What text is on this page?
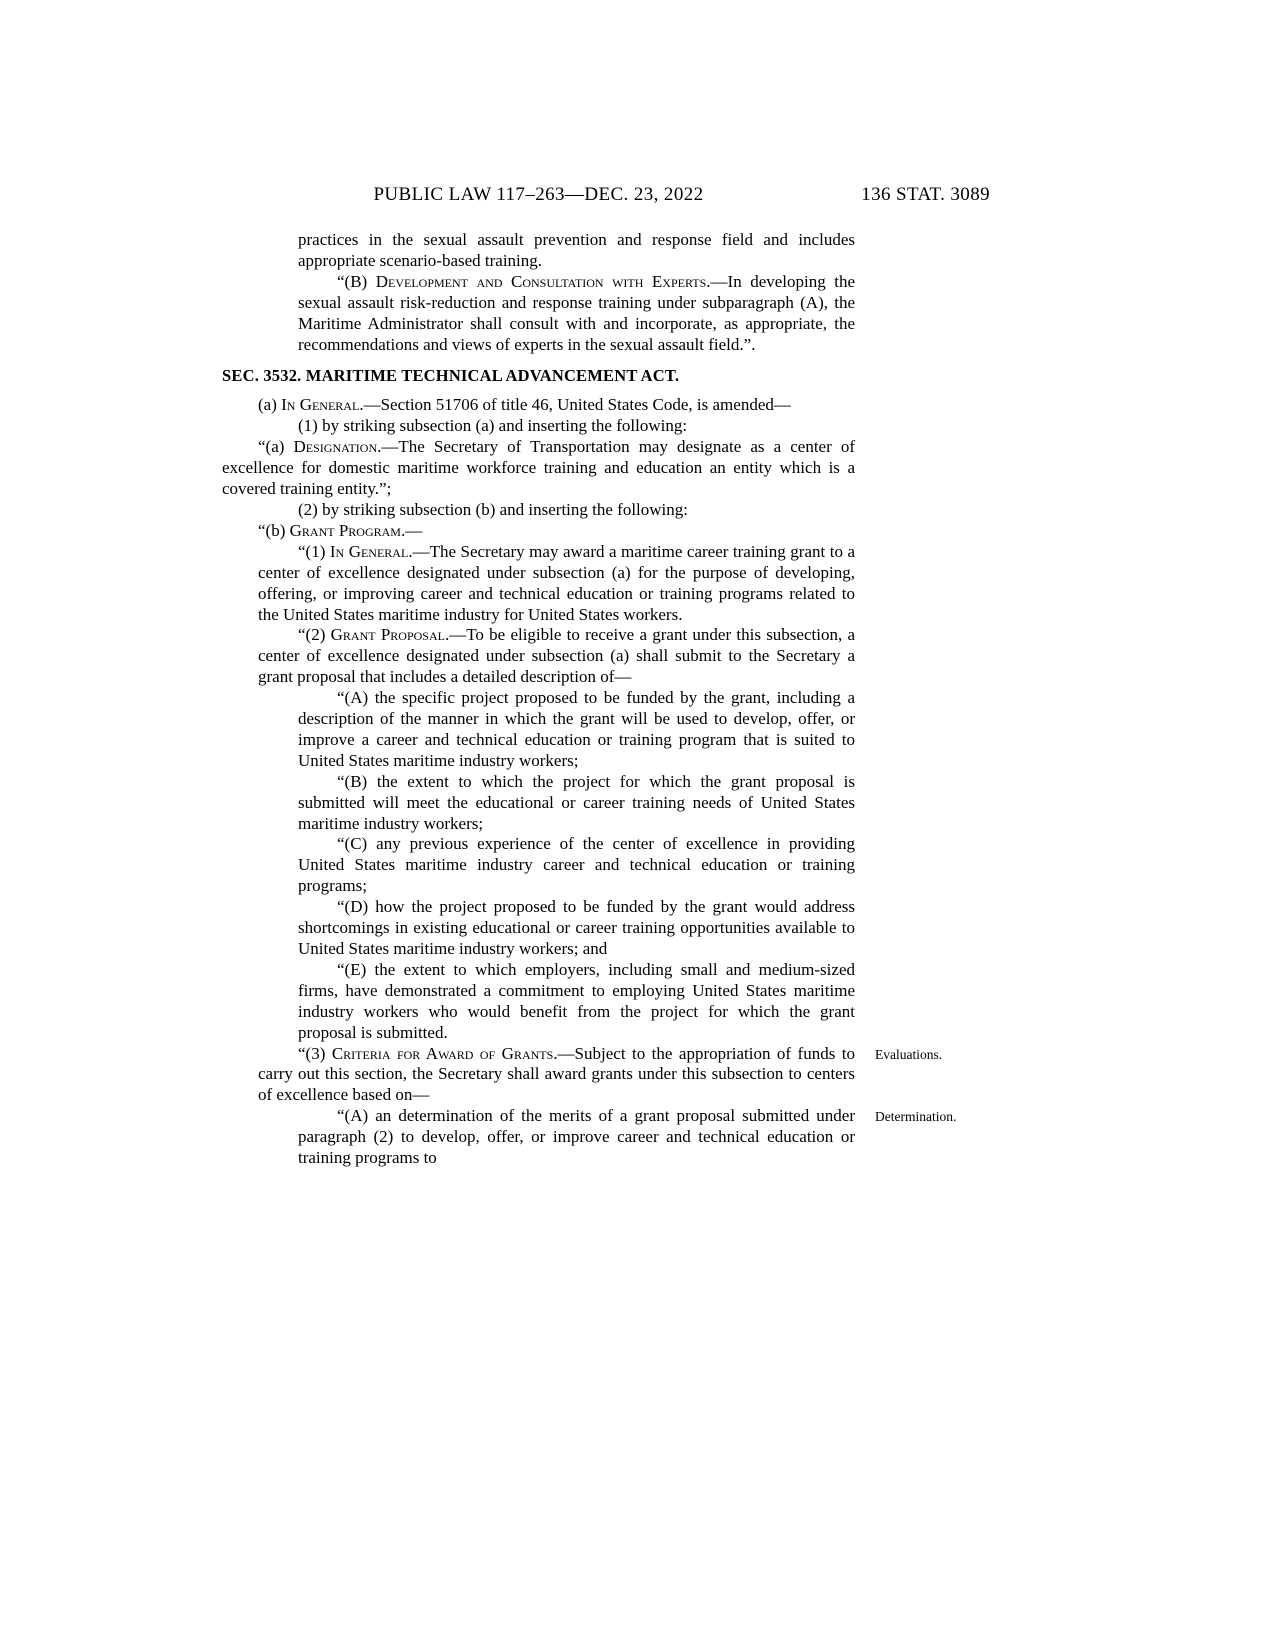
PUBLIC LAW 117–263—DEC. 23, 2022	136 STAT. 3089

practices in the sexual assault prevention and response field and includes appropriate scenario-based training.

“(B) Development and Consultation with Experts.—In developing the sexual assault risk-reduction and response training under subparagraph (A), the Maritime Administrator shall consult with and incorporate, as appropriate, the recommendations and views of experts in the sexual assault field.”.

SEC. 3532. MARITIME TECHNICAL ADVANCEMENT ACT.

(a) In General.—Section 51706 of title 46, United States Code, is amended—

(1) by striking subsection (a) and inserting the following:

“(a) Designation.—The Secretary of Transportation may designate as a center of excellence for domestic maritime workforce training and education an entity which is a covered training entity.”;

(2) by striking subsection (b) and inserting the following:

“(b) Grant Program.—

“(1) In General.—The Secretary may award a maritime career training grant to a center of excellence designated under subsection (a) for the purpose of developing, offering, or improving career and technical education or training programs related to the United States maritime industry for United States workers.

“(2) Grant Proposal.—To be eligible to receive a grant under this subsection, a center of excellence designated under subsection (a) shall submit to the Secretary a grant proposal that includes a detailed description of—

“(A) the specific project proposed to be funded by the grant, including a description of the manner in which the grant will be used to develop, offer, or improve a career and technical education or training program that is suited to United States maritime industry workers;

“(B) the extent to which the project for which the grant proposal is submitted will meet the educational or career training needs of United States maritime industry workers;

“(C) any previous experience of the center of excellence in providing United States maritime industry career and technical education or training programs;

“(D) how the project proposed to be funded by the grant would address shortcomings in existing educational or career training opportunities available to United States maritime industry workers; and

“(E) the extent to which employers, including small and medium-sized firms, have demonstrated a commitment to employing United States maritime industry workers who would benefit from the project for which the grant proposal is submitted.

“(3) Criteria for Award of Grants.—Subject to the appropriation of funds to carry out this section, the Secretary shall award grants under this subsection to centers of excellence based on—

Evaluations.

“(A) an determination of the merits of a grant proposal submitted under paragraph (2) to develop, offer, or improve career and technical education or training programs to

Determination.
